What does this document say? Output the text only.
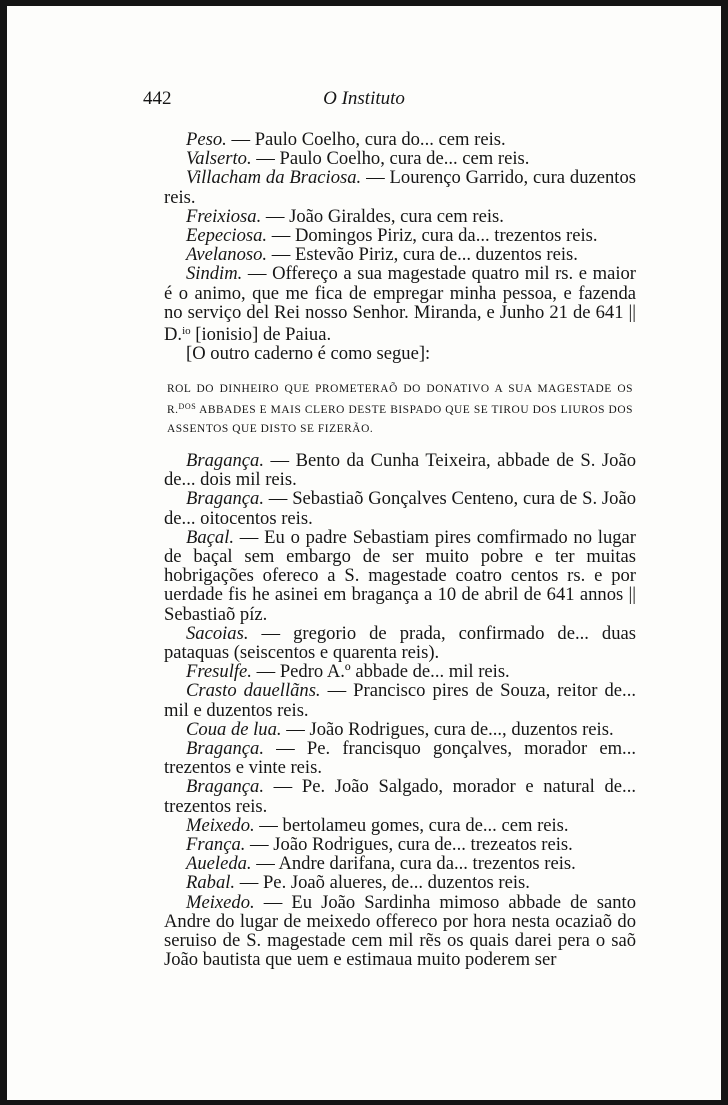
442	O Instituto

Peso. — Paulo Coelho, cura do... cem reis.

Valserto. — Paulo Coelho, cura de... cem reis.

Villacham da Braciosa. — Lourenço Garrido, cura duzentos reis.

Freixiosa. — João Giraldes, cura cem reis.

Eepeciosa. — Domingos Piriz, cura da... trezentos reis.

Avelanoso. — Estevão Piriz, cura de... duzentos reis.

Sindim. — Offereço a sua magestade quatro mil rs. e maior é o animo, que me fica de empregar minha pessoa, e fazenda no serviço del Rei nosso Senhor. Miranda, e Junho 21 de 641 || D.$^{io}$ [ionisio] de Paiua.

[O outro caderno é como segue]:

ROL DO DINHEIRO QUE PROMETERAÕ DO DONATIVO A SUA MAGESTADE OS R.$^{DOS}$ ABBADES E MAIS CLERO DESTE BISPADO QUE SE TIROU DOS LIUROS DOS ASSENTOS QUE DISTO SE FIZERÃO.

Bragança. — Bento da Cunha Teixeira, abbade de S. João de... dois mil reis.

Bragança. — Sebastiaõ Gonçalves Centeno, cura de S. João de... oitocentos reis.

Baçal. — Eu o padre Sebastiam pires comfirmado no lugar de baçal sem embargo de ser muito pobre e ter muitas hobrigações ofereco a S. magestade coatro centos rs. e por uerdade fis he asinei em bragança a 10 de abril de 641 annos || Sebastiaõ píz.

Sacoias. — gregorio de prada, confirmado de... duas pataquas (seiscentos e quarenta reis).

Fresulfe. — Pedro A.º abbade de... mil reis.

Crasto dauellãns. — Prancisco pires de Souza, reitor de... mil e duzentos reis.

Coua de lua. — João Rodrigues, cura de..., duzentos reis.

Bragança. — Pe. francisquo gonçalves, morador em... trezentos e vinte reis.

Bragança. — Pe. João Salgado, morador e natural de... trezentos reis.

Meixedo. — bertolameu gomes, cura de... cem reis.

França. — João Rodrigues, cura de... trezeatos reis.

Aueleda. — Andre darifana, cura da... trezentos reis.

Rabal. — Pe. Joaõ alueres, de... duzentos reis.

Meixedo. — Eu João Sardinha mimoso abbade de santo Andre do lugar de meixedo offereco por hora nesta ocaziaõ do seruiso de S. magestade cem mil rẽs os quais darei pera o saõ João bautista que uem e estimaua muito poderem ser
